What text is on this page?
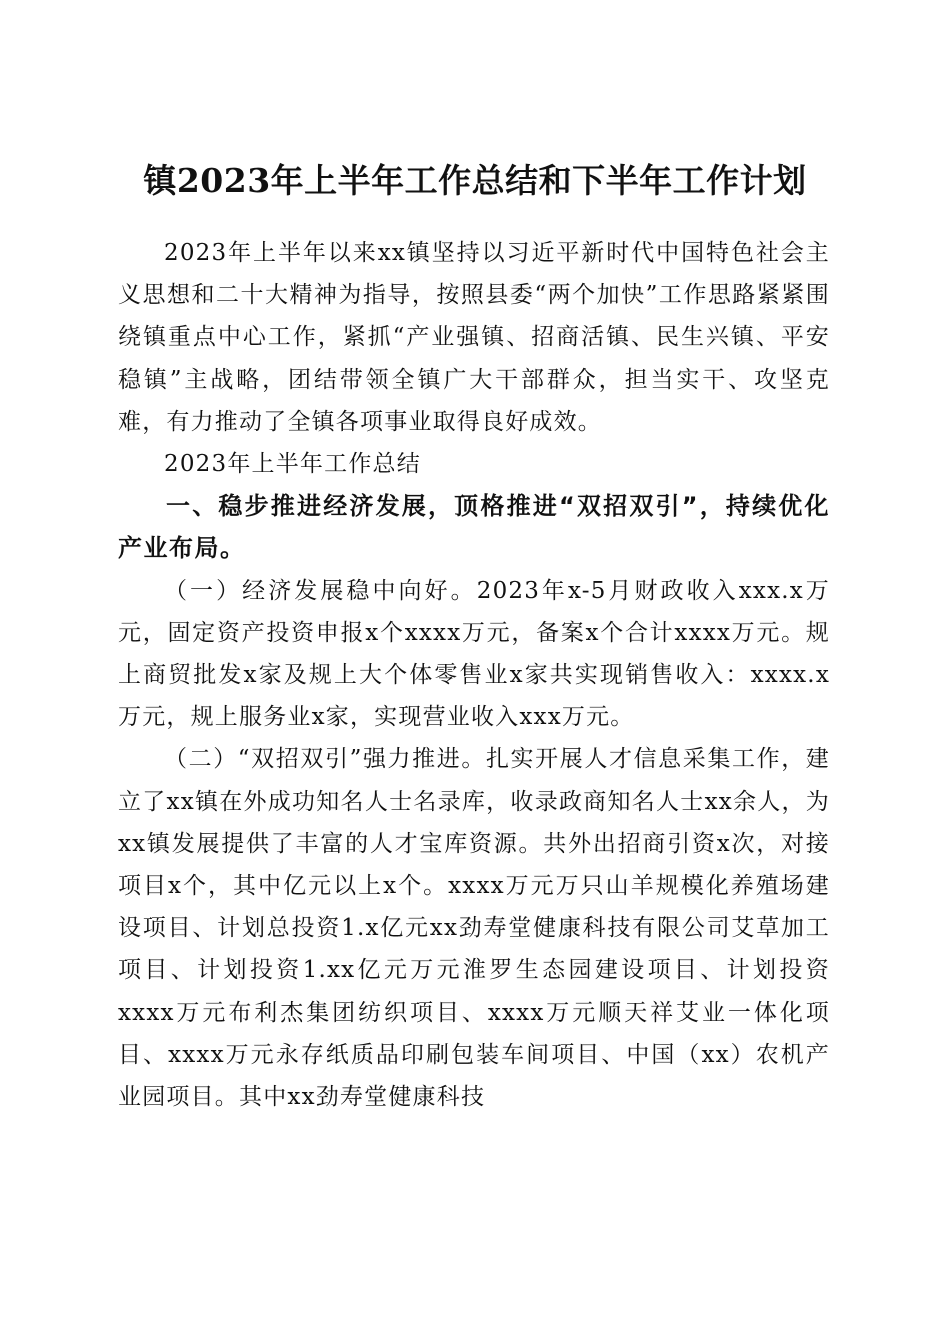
镇2023年上半年工作总结和下半年工作计划

2023年上半年以来xx镇坚持以习近平新时代中国特色社会主义思想和二十大精神为指导，按照县委“两个加快”工作思路紧紧围绕镇重点中心工作，紧抓“产业强镇、招商活镇、民生兴镇、平安稳镇”主战略，团结带领全镇广大干部群众，担当实干、攻坚克难，有力推动了全镇各项事业取得良好成效。

2023年上半年工作总结

一、稳步推进经济发展，顶格推进“双招双引”，持续优化产业布局。

（一）经济发展稳中向好。2023年x-5月财政收入xxx.x万元，固定资产投资申报x个xxxx万元，备案x个合计xxxx万元。规上商贸批发x家及规上大个体零售业x家共实现销售收入：xxxx.x万元，规上服务业x家，实现营业收入xxx万元。

（二）“双招双引”强力推进。扎实开展人才信息采集工作，建立了xx镇在外成功知名人士名录库，收录政商知名人士xx余人，为xx镇发展提供了丰富的人才宝库资源。共外出招商引资x次，对接项目x个，其中亿元以上x个。xxxx万元万只山羊规模化养殖场建设项目、计划总投资1.x亿元xx劲寿堂健康科技有限公司艾草加工项目、计划投资1.xx亿元万元淮罗生态园建设项目、计划投资xxxx万元布利杰集团纺织项目、xxxx万元顺天祥艾业一体化项目、xxxx万元永存纸质品印刷包装车间项目、中国（xx）农机产业园项目。其中xx劲寿堂健康科技
